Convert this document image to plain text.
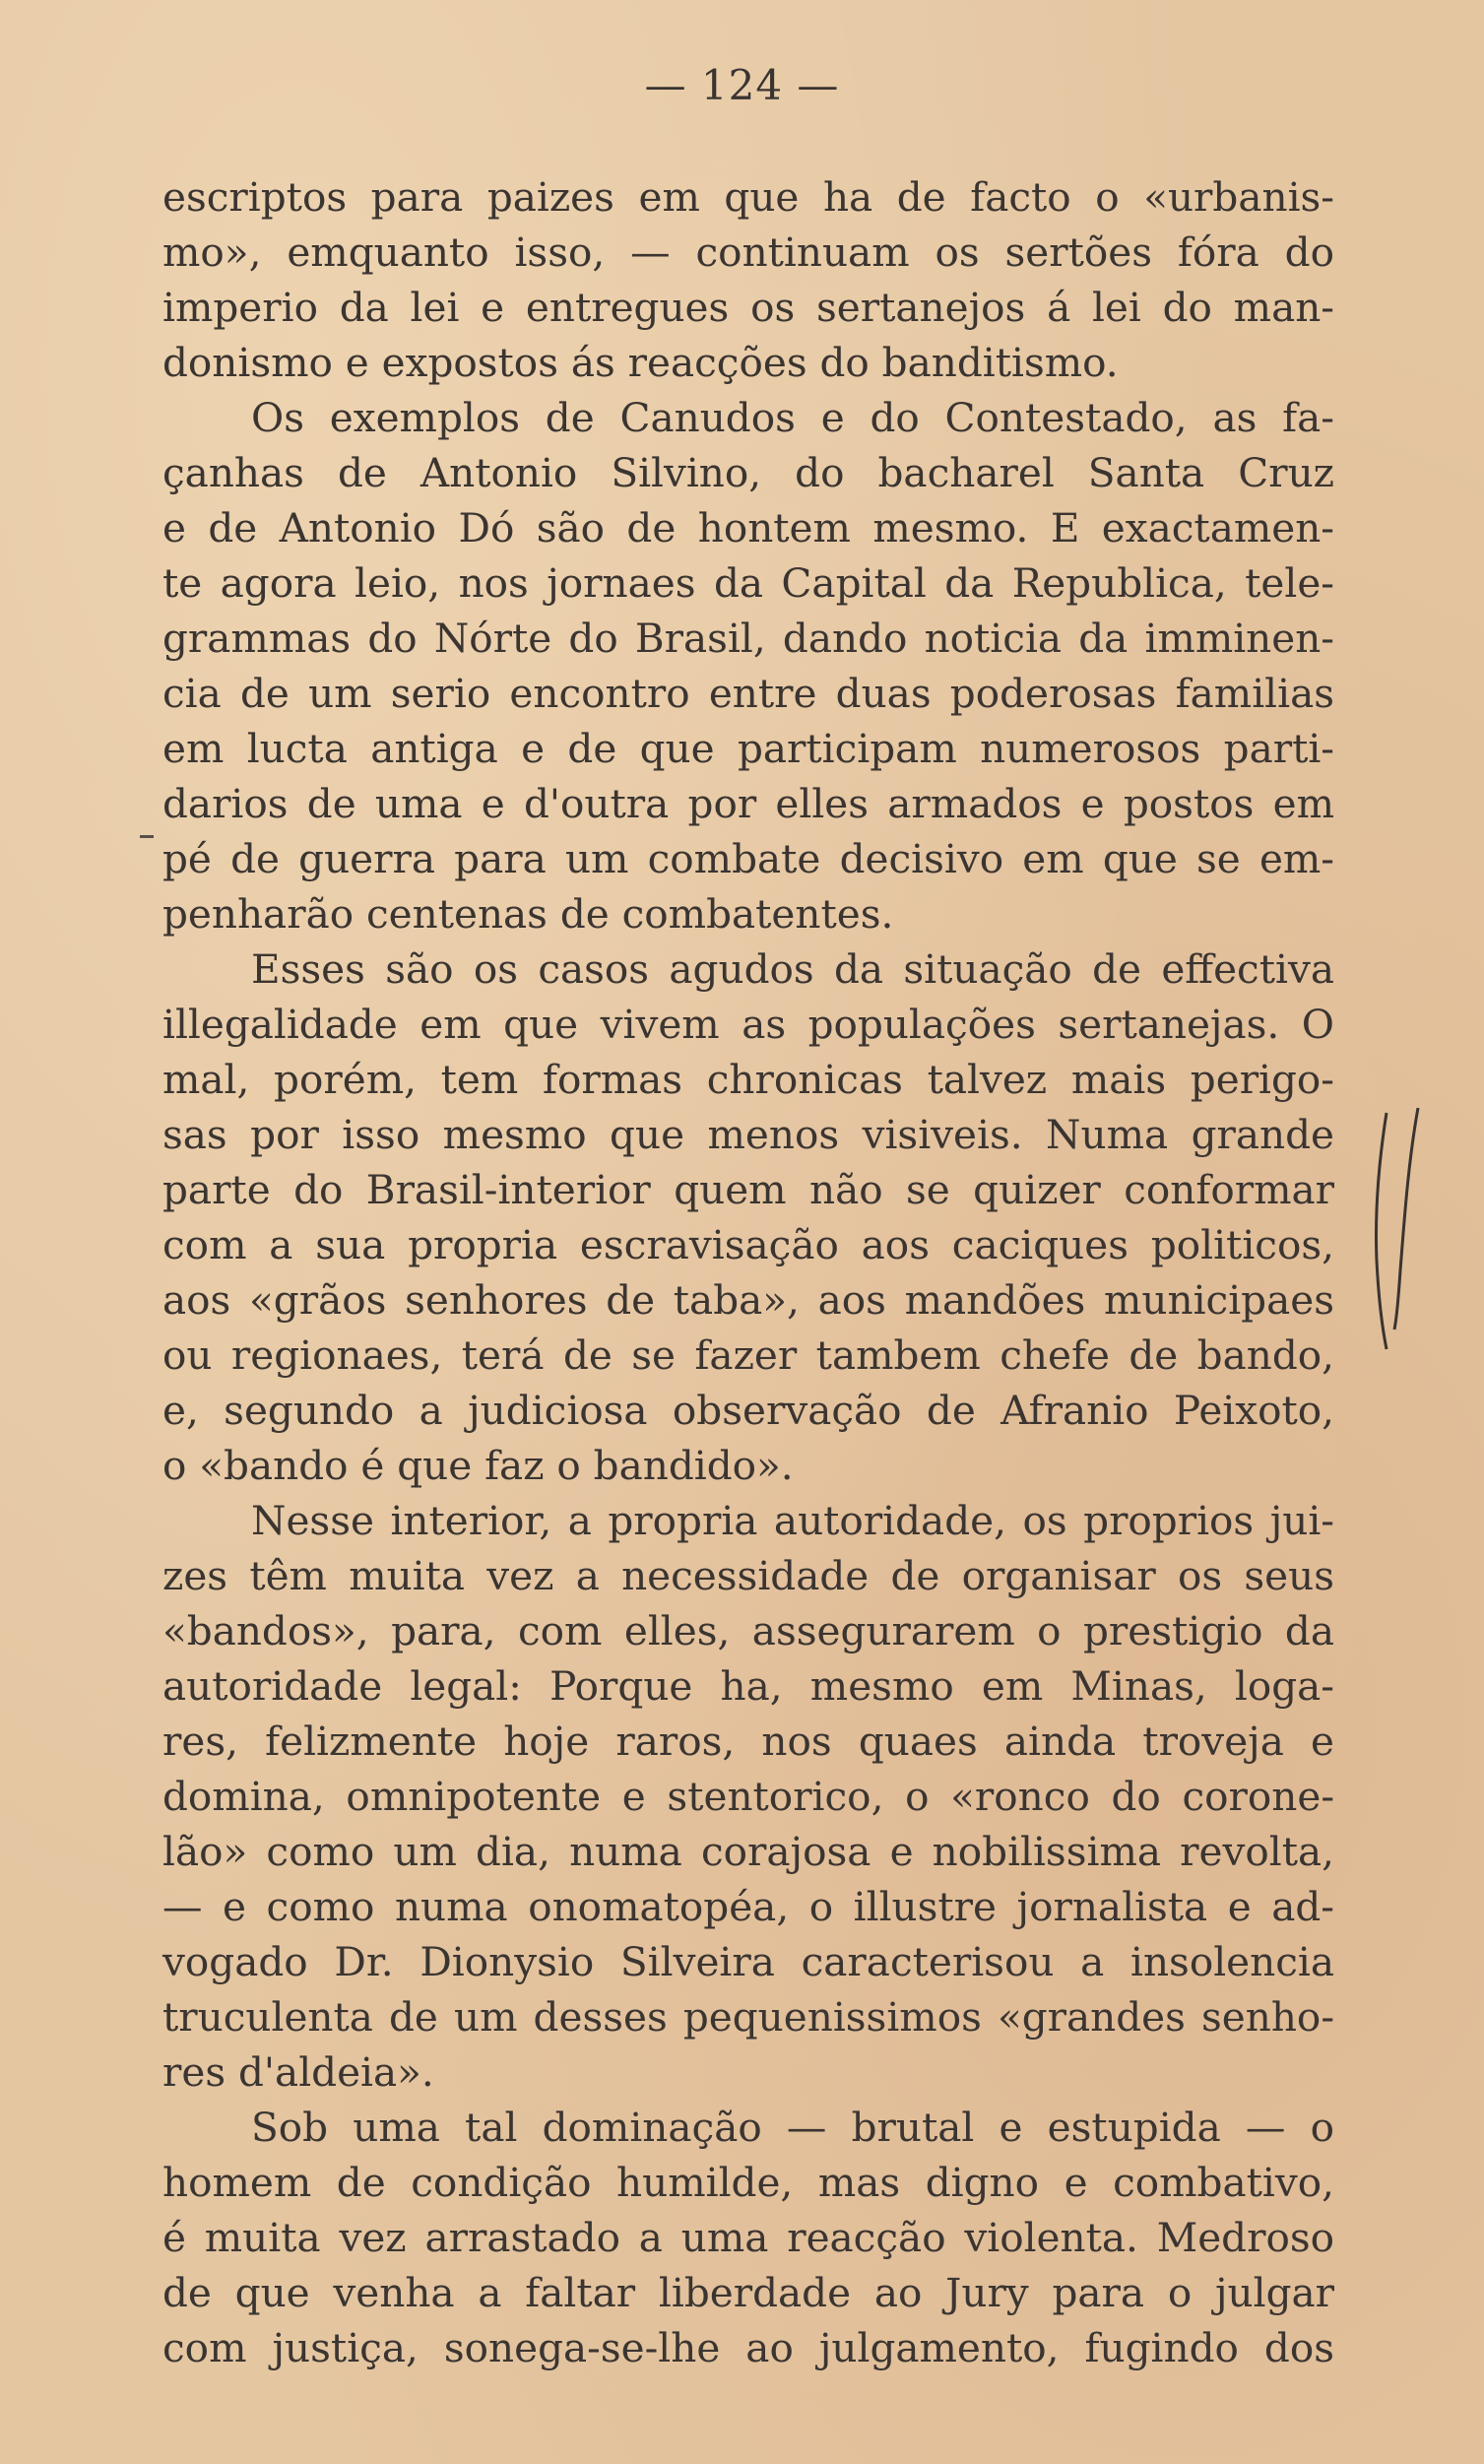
— 124 —
escriptos para paizes em que ha de facto o «urbanis-
mo», emquanto isso, — continuam os sertões fóra do
imperio da lei e entregues os sertanejos á lei do man-
donismo e expostos ás reacções do banditismo.
Os exemplos de Canudos e do Contestado, as fa-
çanhas de Antonio Silvino, do bacharel Santa Cruz
e de Antonio Dó são de hontem mesmo. E exactamen-
te agora leio, nos jornaes da Capital da Republica, tele-
grammas do Nórte do Brasil, dando noticia da imminen-
cia de um serio encontro entre duas poderosas familias
em lucta antiga e de que participam numerosos parti-
darios de uma e d'outra por elles armados e postos em
pé de guerra para um combate decisivo em que se em-
penharão centenas de combatentes.
Esses são os casos agudos da situação de effectiva
illegalidade em que vivem as populações sertanejas. O
mal, porém, tem formas chronicas talvez mais perigo-
sas por isso mesmo que menos visiveis. Numa grande
parte do Brasil-interior quem não se quizer conformar
com a sua propria escravisação aos caciques politicos,
aos «grãos senhores de taba», aos mandões municipaes
ou regionaes, terá de se fazer tambem chefe de bando,
e, segundo a judiciosa observação de Afranio Peixoto,
o «bando é que faz o bandido».
Nesse interior, a propria autoridade, os proprios jui-
zes têm muita vez a necessidade de organisar os seus
«bandos», para, com elles, assegurarem o prestigio da
autoridade legal: Porque ha, mesmo em Minas, loga-
res, felizmente hoje raros, nos quaes ainda troveja e
domina, omnipotente e stentorico, o «ronco do corone-
lão» como um dia, numa corajosa e nobilissima revolta,
— e como numa onomatopéa, o illustre jornalista e ad-
vogado Dr. Dionysio Silveira caracterisou a insolencia
truculenta de um desses pequenissimos «grandes senho-
res d'aldeia».
Sob uma tal dominação — brutal e estupida — o
homem de condição humilde, mas digno e combativo,
é muita vez arrastado a uma reacção violenta. Medroso
de que venha a faltar liberdade ao Jury para o julgar
com justiça, sonega-se-lhe ao julgamento, fugindo dos
